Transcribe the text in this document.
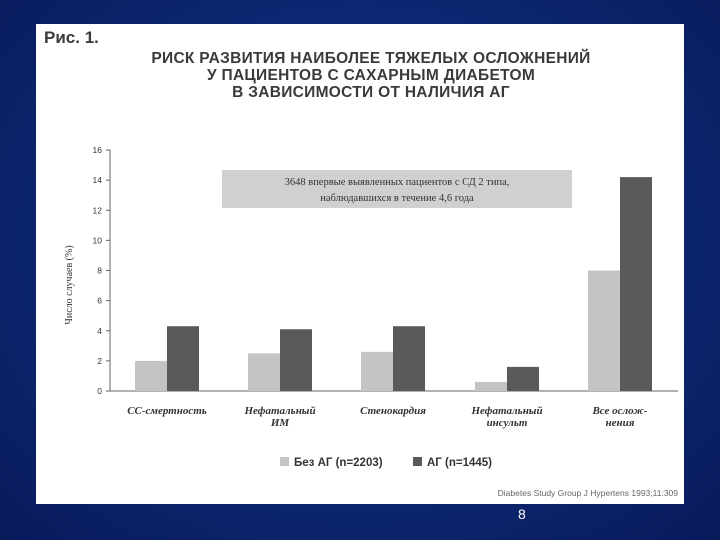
Рис. 1.
РИСК РАЗВИТИЯ НАИБОЛЕЕ ТЯЖЕЛЫХ ОСЛОЖНЕНИЙ
У ПАЦИЕНТОВ С САХАРНЫМ ДИАБЕТОМ
В ЗАВИСИМОСТИ ОТ НАЛИЧИЯ АГ
3648 впервые выявленных пациентов с СД 2 типа,
наблюдавшихся в течение 4,6 года
0
2
4
6
8
10
12
14
16
СС-смертность	Нефатальный ИМ
Стенокардия	Нефатальный инсульт
Все ослож-нения
Число случаев (%)
Без АГ (n=2203)	АГ (n=1445)
Diabetes Study Group J Hypertens 1993;11:309
8
